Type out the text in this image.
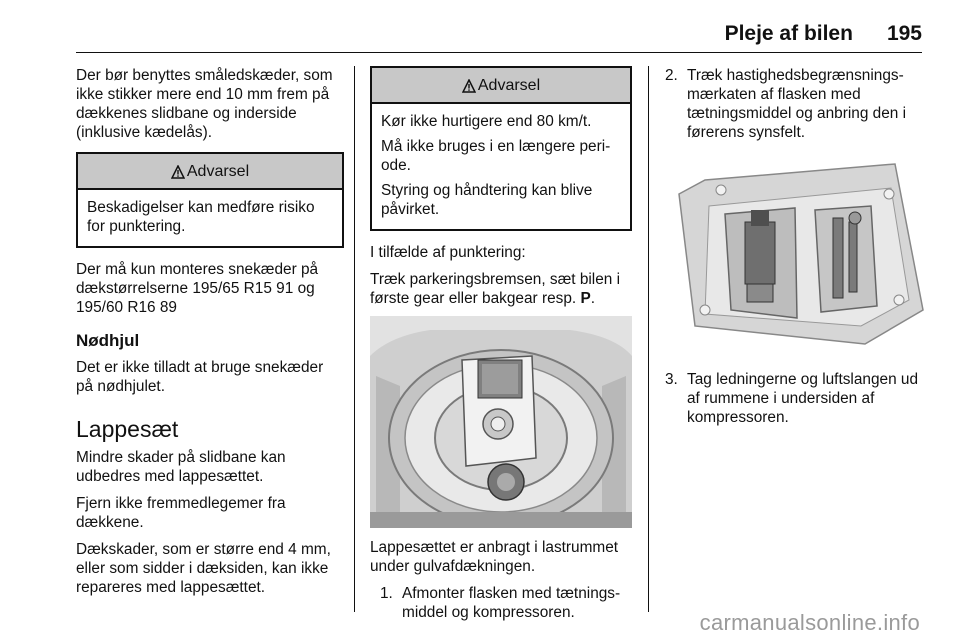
Pleje af bilen 195

Der bør benyttes småledskæder, som ikke stikker mere end 10 mm frem på dækkenes slidbane og inderside (inklusive kædelås).

Advarsel

Beskadigelser kan medføre risiko for punktering.

Der må kun monteres snekæder på dækstørrelserne 195/65 R15 91 og 195/60 R16 89

Nødhjul

Det er ikke tilladt at bruge snekæder på nødhjulet.

Lappesæt

Mindre skader på slidbane kan udbedres med lappesættet.

Fjern ikke fremmedlegemer fra dækkene.

Dækskader, som er større end 4 mm, eller som sidder i dæksiden, kan ikke repareres med lappesættet.

Advarsel

Kør ikke hurtigere end 80 km/t.

Må ikke bruges i en længere periode.

Styring og håndtering kan blive påvirket.

I tilfælde af punktering:

Træk parkeringsbremsen, sæt bilen i første gear eller bakgear resp. P.

Lappesættet er anbragt i lastrummet under gulvafdækningen.

1. Afmonter flasken med tætningsmiddel og kompressoren.
2. Træk hastighedsbegrænsningsmærkaten af flasken med tætningsmiddel og anbring den i førerens synsfelt.
3. Tag ledningerne og luftslangen ud af rummene i undersiden af kompressoren.
carmanualsonline.info
